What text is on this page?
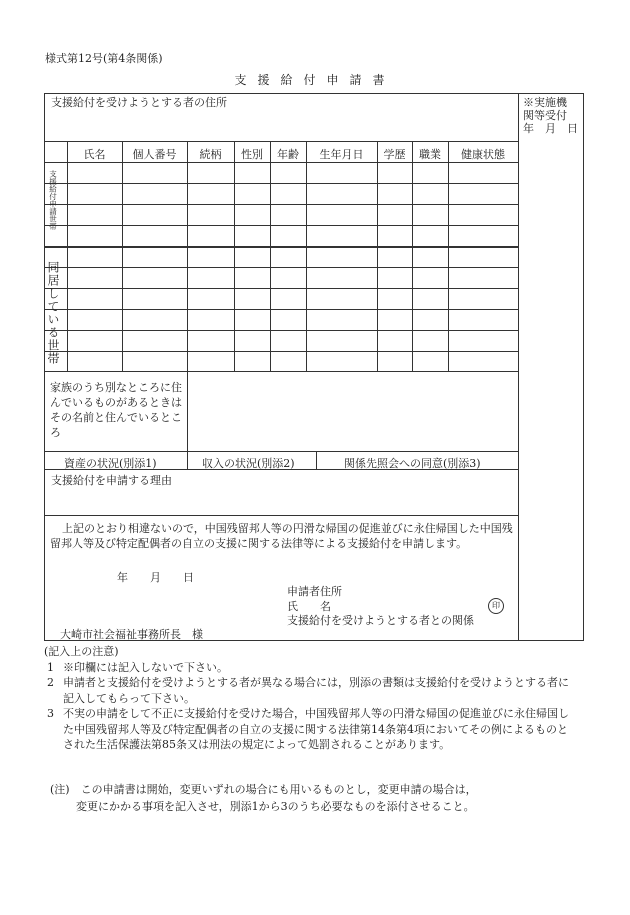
様式第12号(第4条関係)
支援給付申請書
支援給付を受けようとする者の住所	※実施機
関等受付
年　月　日
氏名	個人番号	続柄	性別	年齢	生年月日	学歴	職業	健康状態
支援給付申請世帯
同居している世帯
家族のうち別なところに住んでいるものがあるときはその名前と住んでいるところ
資産の状況(別添1)	収入の状況(別添2)	関係先照会への同意(別添3)
支援給付を申請する理由
上記のとおり相違ないので，中国残留邦人等の円滑な帰国の促進並びに永住帰国した中国残留邦人等及び特定配偶者の自立の支援に関する法律等による支援給付を申請します。
年　　月　　日
申請者住所
氏　　名	印
支援給付を受けようとする者との関係
大崎市社会福祉事務所長　様
(記入上の注意)
1 ※印欄には記入しないで下さい。
2 申請者と支援給付を受けようとする者が異なる場合には，別添の書類は支援給付を受けようとする者に記入してもらって下さい。
3 不実の申請をして不正に支援給付を受けた場合，中国残留邦人等の円滑な帰国の促進並びに永住帰国した中国残留邦人等及び特定配偶者の自立の支援に関する法律第14条第4項においてその例によるものとされた生活保護法第85条又は刑法の規定によって処罰されることがあります。
(注)　この申請書は開始，変更いずれの場合にも用いるものとし，変更申請の場合は，
変更にかかる事項を記入させ，別添1から3のうち必要なものを添付させること。
